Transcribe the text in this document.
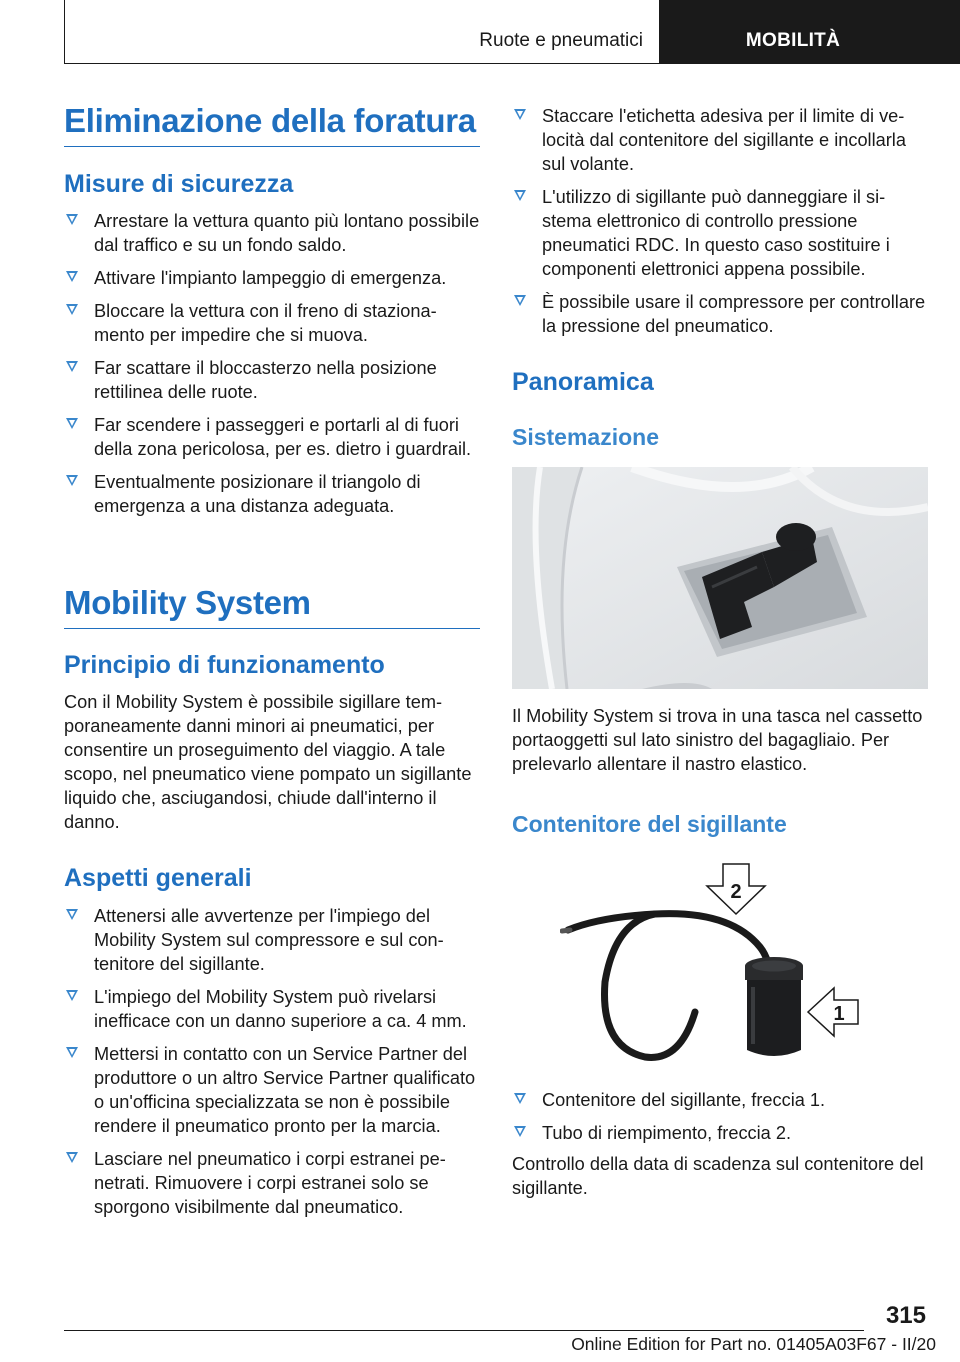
Ruote e pneumatici	MOBILITÀ
Eliminazione della foratura
Misure di sicurezza
Arrestare la vettura quanto più lontano possibile dal traffico e su un fondo saldo.
Attivare l'impianto lampeggio di emergenza.
Bloccare la vettura con il freno di stazionamento per impedire che si muova.
Far scattare il bloccasterzo nella posizione rettilinea delle ruote.
Far scendere i passeggeri e portarli al di fuori della zona pericolosa, per es. dietro i guardrail.
Eventualmente posizionare il triangolo di emergenza a una distanza adeguata.
Mobility System
Principio di funzionamento
Con il Mobility System è possibile sigillare temporaneamente danni minori ai pneumatici, per consentire un proseguimento del viaggio. A tale scopo, nel pneumatico viene pompato un sigillante liquido che, asciugandosi, chiude dall'interno il danno.
Aspetti generali
Attenersi alle avvertenze per l'impiego del Mobility System sul compressore e sul contenitore del sigillante.
L'impiego del Mobility System può rivelarsi inefficace con un danno superiore a ca. 4 mm.
Mettersi in contatto con un Service Partner del produttore o un altro Service Partner qualificato o un'officina specializzata se non è possibile rendere il pneumatico pronto per la marcia.
Lasciare nel pneumatico i corpi estranei penetrati. Rimuovere i corpi estranei solo se sporgono visibilmente dal pneumatico.
Staccare l'etichetta adesiva per il limite di velocità dal contenitore del sigillante e incollarla sul volante.
L'utilizzo di sigillante può danneggiare il sistema elettronico di controllo pressione pneumatici RDC. In questo caso sostituire i componenti elettronici appena possibile.
È possibile usare il compressore per controllare la pressione del pneumatico.
Panoramica
Sistemazione
Il Mobility System si trova in una tasca nel cassetto portaoggetti sul lato sinistro del bagagliaio. Per prelevarlo allentare il nastro elastico.
Contenitore del sigillante
2
1
Contenitore del sigillante, freccia 1.
Tubo di riempimento, freccia 2.
Controllo della data di scadenza sul contenitore del sigillante.
315
Online Edition for Part no. 01405A03F67 - II/20
